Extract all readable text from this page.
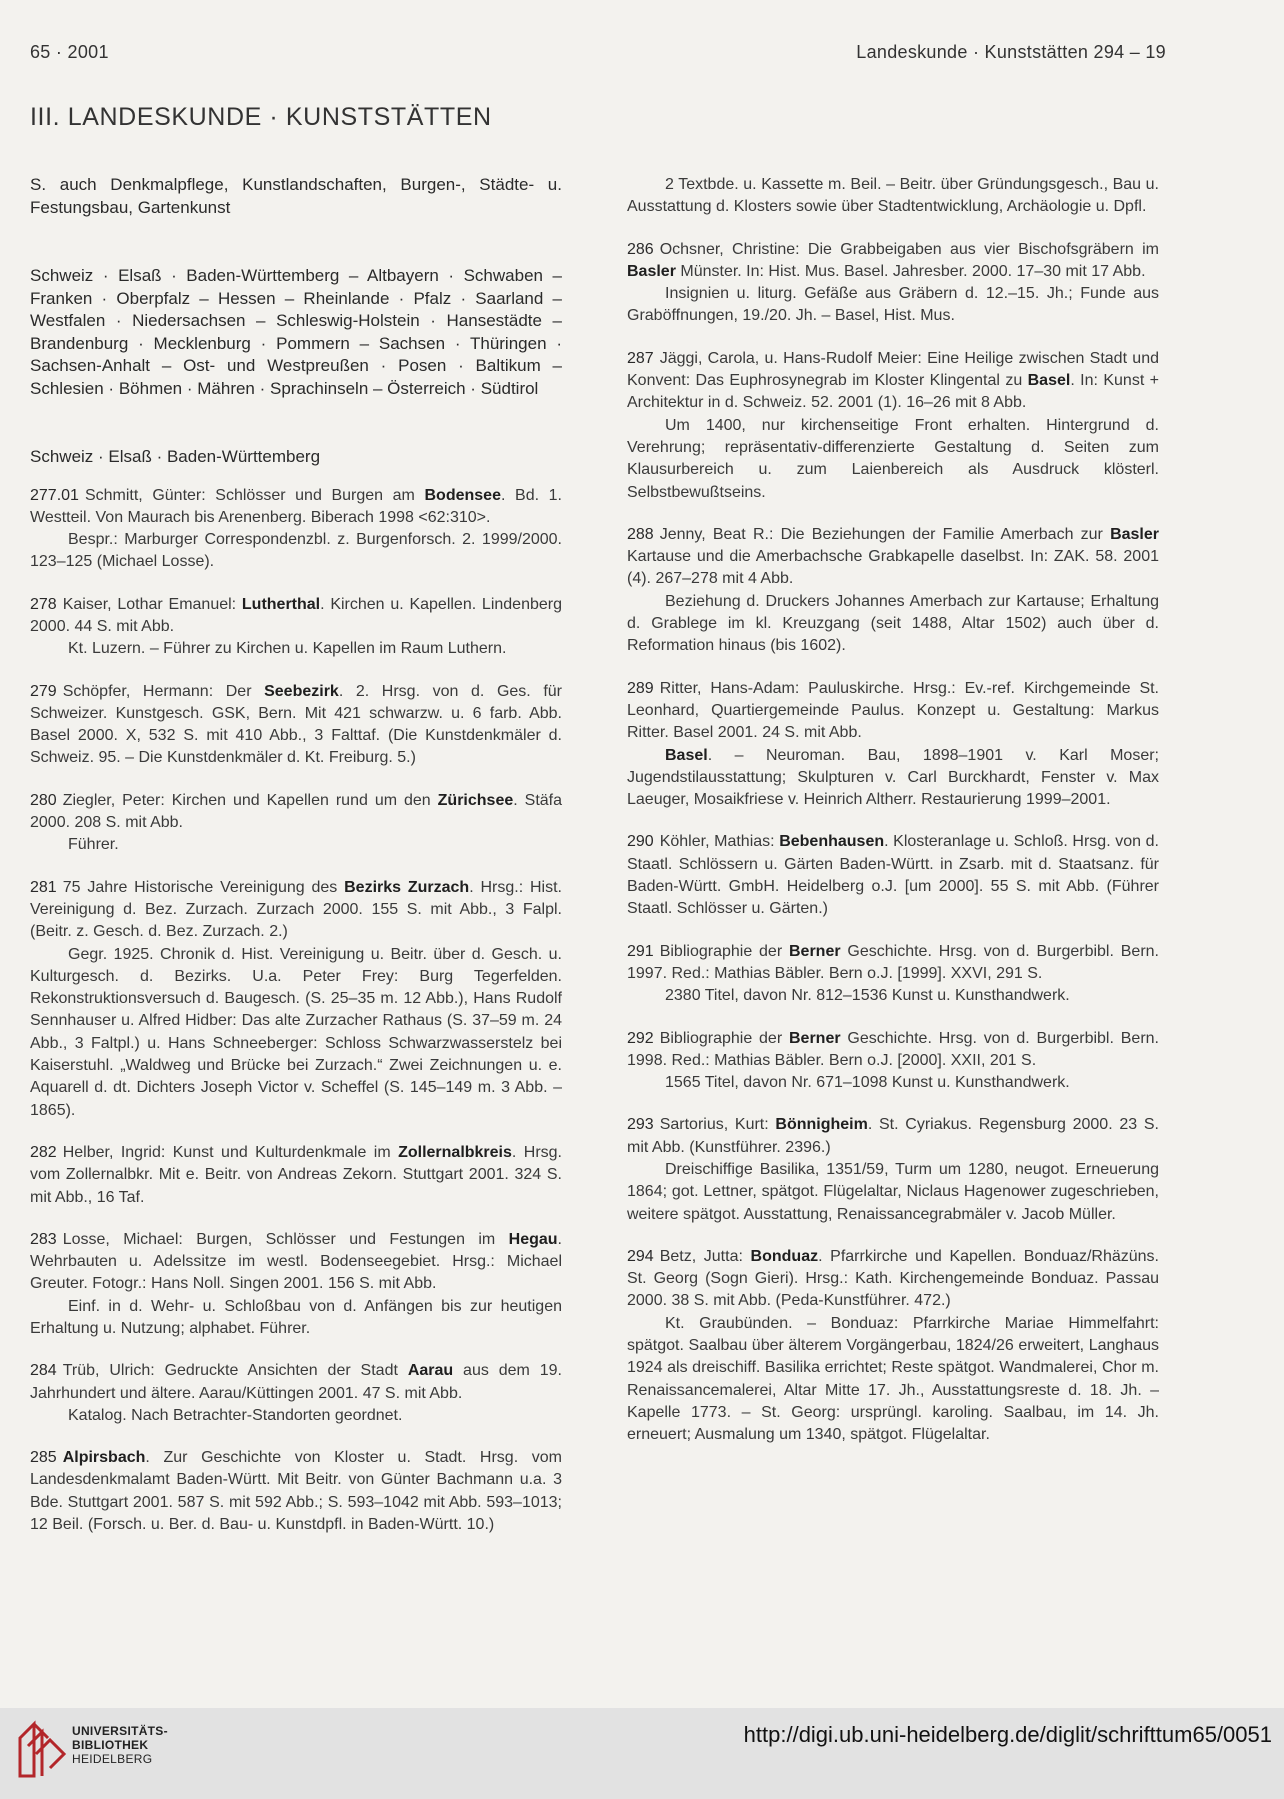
65 · 2001	Landeskunde · Kunststätten 294 – 19
III. LANDESKUNDE · KUNSTSTÄTTEN
S. auch Denkmalpflege, Kunstlandschaften, Burgen-, Städte- u. Festungsbau, Gartenkunst
Schweiz · Elsaß · Baden-Württemberg – Altbayern · Schwaben – Franken · Oberpfalz – Hessen – Rheinlande · Pfalz · Saarland – Westfalen · Niedersachsen – Schleswig-Holstein · Hansestädte – Brandenburg · Mecklenburg · Pommern – Sachsen · Thüringen · Sachsen-Anhalt – Ost- und Westpreußen · Posen · Baltikum – Schlesien · Böhmen · Mähren · Sprachinseln – Österreich · Südtirol
Schweiz · Elsaß · Baden-Württemberg

277.01 Schmitt, Günter: Schlösser und Burgen am Bodensee. Bd. 1. Westteil. Von Maurach bis Arenenberg. Biberach 1998 <62:310>.

Bespr.: Marburger Correspondenzbl. z. Burgenforsch. 2. 1999/2000. 123–125 (Michael Losse).

278 Kaiser, Lothar Emanuel: Lutherthal. Kirchen u. Kapellen. Lindenberg 2000. 44 S. mit Abb.

Kt. Luzern. – Führer zu Kirchen u. Kapellen im Raum Luthern.

279 Schöpfer, Hermann: Der Seebezirk. 2. Hrsg. von d. Ges. für Schweizer. Kunstgesch. GSK, Bern. Mit 421 schwarzw. u. 6 farb. Abb. Basel 2000. X, 532 S. mit 410 Abb., 3 Falttaf. (Die Kunstdenkmäler d. Schweiz. 95. – Die Kunstdenkmäler d. Kt. Freiburg. 5.)

280 Ziegler, Peter: Kirchen und Kapellen rund um den Zürichsee. Stäfa 2000. 208 S. mit Abb.

Führer.

281 75 Jahre Historische Vereinigung des Bezirks Zurzach. Hrsg.: Hist. Vereinigung d. Bez. Zurzach. Zurzach 2000. 155 S. mit Abb., 3 Falpl. (Beitr. z. Gesch. d. Bez. Zurzach. 2.)

Gegr. 1925. Chronik d. Hist. Vereinigung u. Beitr. über d. Gesch. u. Kulturgesch. d. Bezirks. U.a. Peter Frey: Burg Tegerfelden. Rekonstruktionsversuch d. Baugesch. (S. 25–35 m. 12 Abb.), Hans Rudolf Sennhauser u. Alfred Hidber: Das alte Zurzacher Rathaus (S. 37–59 m. 24 Abb., 3 Faltpl.) u. Hans Schneeberger: Schloss Schwarzwasserstelz bei Kaiserstuhl. „Waldweg und Brücke bei Zurzach.“ Zwei Zeichnungen u. e. Aquarell d. dt. Dichters Joseph Victor v. Scheffel (S. 145–149 m. 3 Abb. – 1865).

282 Helber, Ingrid: Kunst und Kulturdenkmale im Zollernalbkreis. Hrsg. vom Zollernalbkr. Mit e. Beitr. von Andreas Zekorn. Stuttgart 2001. 324 S. mit Abb., 16 Taf.

283 Losse, Michael: Burgen, Schlösser und Festungen im Hegau. Wehrbauten u. Adelssitze im westl. Bodenseegebiet. Hrsg.: Michael Greuter. Fotogr.: Hans Noll. Singen 2001. 156 S. mit Abb.

Einf. in d. Wehr- u. Schloßbau von d. Anfängen bis zur heutigen Erhaltung u. Nutzung; alphabet. Führer.

284 Trüb, Ulrich: Gedruckte Ansichten der Stadt Aarau aus dem 19. Jahrhundert und ältere. Aarau/Küttingen 2001. 47 S. mit Abb.

Katalog. Nach Betrachter-Standorten geordnet.

285 Alpirsbach. Zur Geschichte von Kloster u. Stadt. Hrsg. vom Landesdenkmalamt Baden-Württ. Mit Beitr. von Günter Bachmann u.a. 3 Bde. Stuttgart 2001. 587 S. mit 592 Abb.; S. 593–1042 mit Abb. 593–1013; 12 Beil. (Forsch. u. Ber. d. Bau- u. Kunstdpfl. in Baden-Württ. 10.)

2 Textbde. u. Kassette m. Beil. – Beitr. über Gründungsgesch., Bau u. Ausstattung d. Klosters sowie über Stadtentwicklung, Archäologie u. Dpfl.

286 Ochsner, Christine: Die Grabbeigaben aus vier Bischofsgräbern im Basler Münster. In: Hist. Mus. Basel. Jahresber. 2000. 17–30 mit 17 Abb.

Insignien u. liturg. Gefäße aus Gräbern d. 12.–15. Jh.; Funde aus Graböffnungen, 19./20. Jh. – Basel, Hist. Mus.

287 Jäggi, Carola, u. Hans-Rudolf Meier: Eine Heilige zwischen Stadt und Konvent: Das Euphrosynegrab im Kloster Klingental zu Basel. In: Kunst + Architektur in d. Schweiz. 52. 2001 (1). 16–26 mit 8 Abb.

Um 1400, nur kirchenseitige Front erhalten. Hintergrund d. Verehrung; repräsentativ-differenzierte Gestaltung d. Seiten zum Klausurbereich u. zum Laienbereich als Ausdruck klösterl. Selbstbewußtseins.

288 Jenny, Beat R.: Die Beziehungen der Familie Amerbach zur Basler Kartause und die Amerbachsche Grabkapelle daselbst. In: ZAK. 58. 2001 (4). 267–278 mit 4 Abb.

Beziehung d. Druckers Johannes Amerbach zur Kartause; Erhaltung d. Grablege im kl. Kreuzgang (seit 1488, Altar 1502) auch über d. Reformation hinaus (bis 1602).

289 Ritter, Hans-Adam: Pauluskirche. Hrsg.: Ev.-ref. Kirchgemeinde St. Leonhard, Quartiergemeinde Paulus. Konzept u. Gestaltung: Markus Ritter. Basel 2001. 24 S. mit Abb.

Basel. – Neuroman. Bau, 1898–1901 v. Karl Moser; Jugendstilausstattung; Skulpturen v. Carl Burckhardt, Fenster v. Max Laeuger, Mosaikfriese v. Heinrich Altherr. Restaurierung 1999–2001.

290 Köhler, Mathias: Bebenhausen. Klosteranlage u. Schloß. Hrsg. von d. Staatl. Schlössern u. Gärten Baden-Württ. in Zsarb. mit d. Staatsanz. für Baden-Württ. GmbH. Heidelberg o.J. [um 2000]. 55 S. mit Abb. (Führer Staatl. Schlösser u. Gärten.)

291 Bibliographie der Berner Geschichte. Hrsg. von d. Burgerbibl. Bern. 1997. Red.: Mathias Bäbler. Bern o.J. [1999]. XXVI, 291 S.

2380 Titel, davon Nr. 812–1536 Kunst u. Kunsthandwerk.

292 Bibliographie der Berner Geschichte. Hrsg. von d. Burgerbibl. Bern. 1998. Red.: Mathias Bäbler. Bern o.J. [2000]. XXII, 201 S.

1565 Titel, davon Nr. 671–1098 Kunst u. Kunsthandwerk.

293 Sartorius, Kurt: Bönnigheim. St. Cyriakus. Regensburg 2000. 23 S. mit Abb. (Kunstführer. 2396.)

Dreischiffige Basilika, 1351/59, Turm um 1280, neugot. Erneuerung 1864; got. Lettner, spätgot. Flügelaltar, Niclaus Hagenower zugeschrieben, weitere spätgot. Ausstattung, Renaissancegrabmäler v. Jacob Müller.

294 Betz, Jutta: Bonduaz. Pfarrkirche und Kapellen. Bonduaz/Rhäzüns. St. Georg (Sogn Gieri). Hrsg.: Kath. Kirchengemeinde Bonduaz. Passau 2000. 38 S. mit Abb. (Peda-Kunstführer. 472.)

Kt. Graubünden. – Bonduaz: Pfarrkirche Mariae Himmelfahrt: spätgot. Saalbau über älterem Vorgängerbau, 1824/26 erweitert, Langhaus 1924 als dreischiff. Basilika errichtet; Reste spätgot. Wandmalerei, Chor m. Renaissancemalerei, Altar Mitte 17. Jh., Ausstattungsreste d. 18. Jh. – Kapelle 1773. – St. Georg: ursprüngl. karoling. Saalbau, im 14. Jh. erneuert; Ausmalung um 1340, spätgot. Flügelaltar.

UNIVERSITÄTS-
BIBLIOTHEK
HEIDELBERG
http://digi.ub.uni-heidelberg.de/diglit/schrifttum65/0051
